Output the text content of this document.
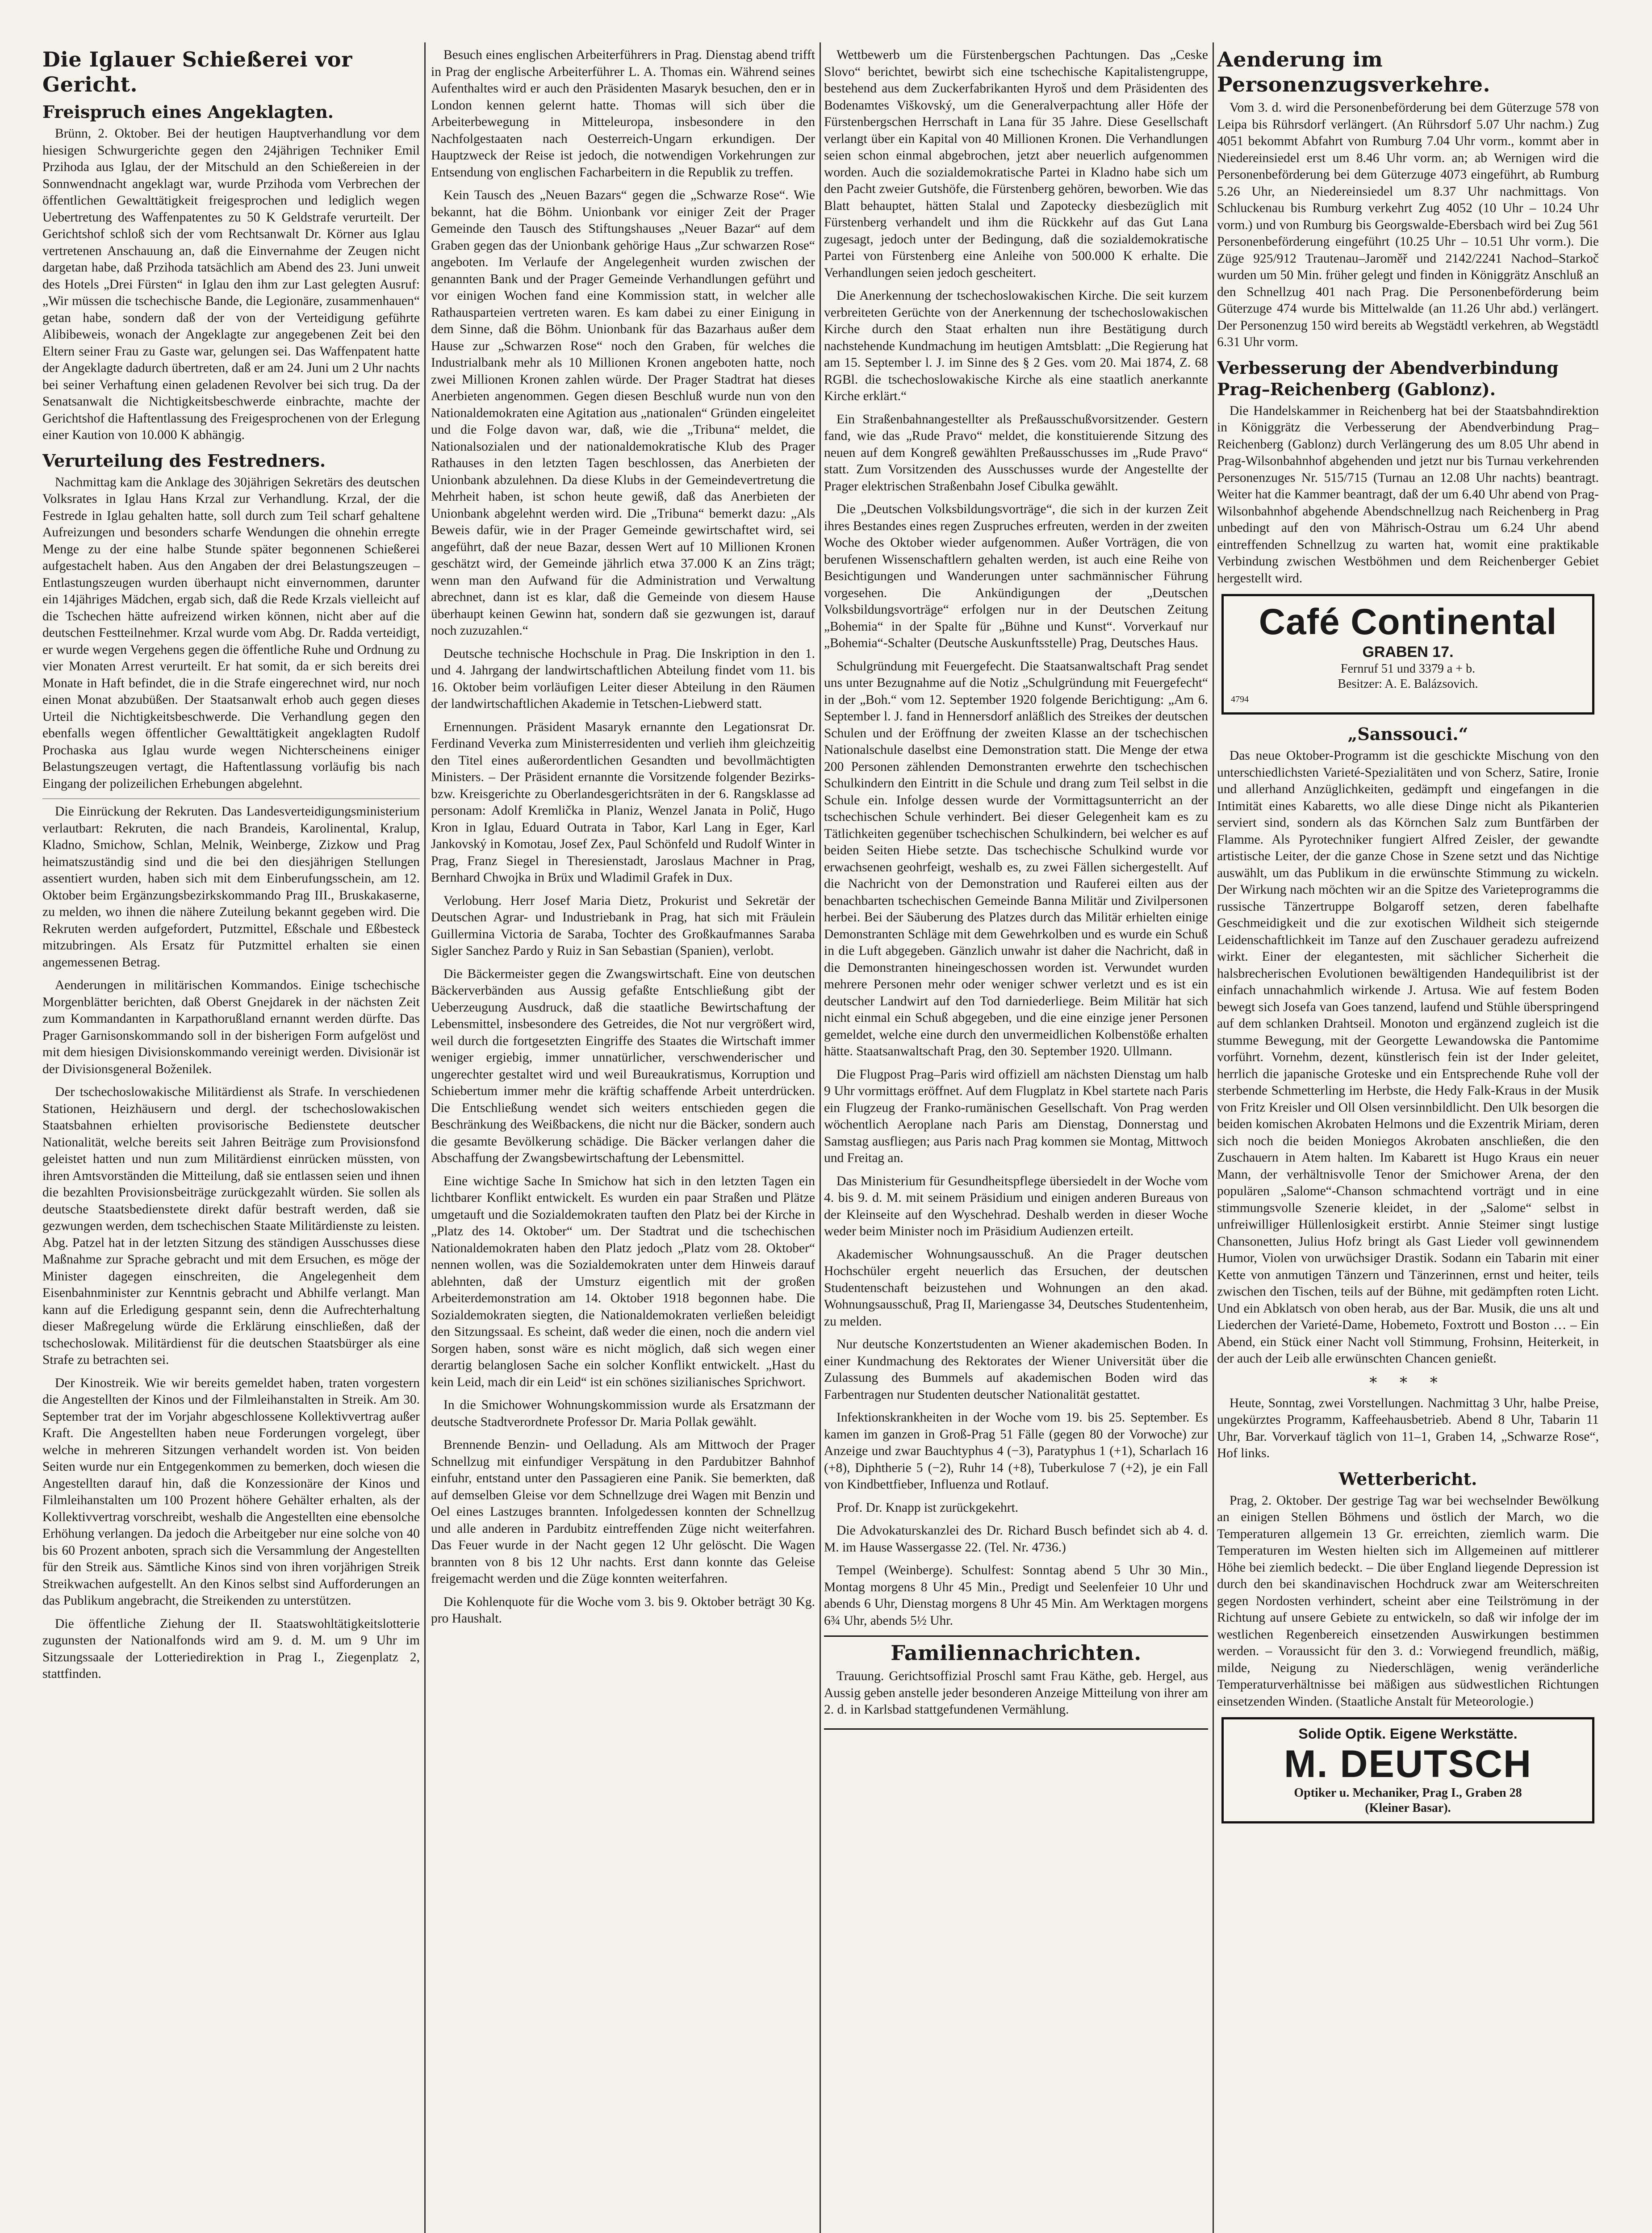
Die Iglauer Schießerei vor Gericht.
Freispruch eines Angeklagten.

Brünn, 2. Oktober. Bei der heutigen Hauptverhandlung vor dem hiesigen Schwurgerichte gegen den 24jährigen Techniker Emil Przihoda aus Iglau, der der Mitschuld an den Schießereien in der Sonnwendnacht angeklagt war, wurde Przihoda vom Verbrechen der öffentlichen Gewalttätigkeit freigesprochen und lediglich wegen Uebertretung des Waffenpatentes zu 50 K Geldstrafe verurteilt. Der Gerichtshof schloß sich der vom Rechtsanwalt Dr. Körner aus Iglau vertretenen Anschauung an, daß die Einvernahme der Zeugen nicht dargetan habe, daß Przihoda tatsächlich am Abend des 23. Juni unweit des Hotels „Drei Fürsten“ in Iglau den ihm zur Last gelegten Ausruf: „Wir müssen die tschechische Bande, die Legionäre, zusammenhauen“ getan habe, sondern daß der von der Verteidigung geführte Alibibeweis, wonach der Angeklagte zur angegebenen Zeit bei den Eltern seiner Frau zu Gaste war, gelungen sei. Das Waffenpatent hatte der Angeklagte dadurch übertreten, daß er am 24. Juni um 2 Uhr nachts bei seiner Verhaftung einen geladenen Revolver bei sich trug. Da der Senatsanwalt die Nichtigkeitsbeschwerde einbrachte, machte der Gerichtshof die Haftentlassung des Freigesprochenen von der Erlegung einer Kaution von 10.000 K abhängig.

Verurteilung des Festredners.

Nachmittag kam die Anklage des 30jährigen Sekretärs des deutschen Volksrates in Iglau Hans Krzal zur Verhandlung. Krzal, der die Festrede in Iglau gehalten hatte, soll durch zum Teil scharf gehaltene Aufreizungen und besonders scharfe Wendungen die ohnehin erregte Menge zu der eine halbe Stunde später begonnenen Schießerei aufgestachelt haben. Aus den Angaben der drei Belastungszeugen – Entlastungszeugen wurden überhaupt nicht einvernommen, darunter ein 14jähriges Mädchen, ergab sich, daß die Rede Krzals vielleicht auf die Tschechen hätte aufreizend wirken können, nicht aber auf die deutschen Festteilnehmer. Krzal wurde vom Abg. Dr. Radda verteidigt, er wurde wegen Vergehens gegen die öffentliche Ruhe und Ordnung zu vier Monaten Arrest verurteilt. Er hat somit, da er sich bereits drei Monate in Haft befindet, die in die Strafe eingerechnet wird, nur noch einen Monat abzubüßen. Der Staatsanwalt erhob auch gegen dieses Urteil die Nichtigkeitsbeschwerde. Die Verhandlung gegen den ebenfalls wegen öffentlicher Gewalttätigkeit angeklagten Rudolf Prochaska aus Iglau wurde wegen Nichterscheinens einiger Belastungszeugen vertagt, die Haftentlassung vorläufig bis nach Eingang der polizeilichen Erhebungen abgelehnt.

Die Einrückung der Rekruten. Das Landesverteidigungsministerium verlautbart: Rekruten, die nach Brandeis, Karolinental, Kralup, Kladno, Smichow, Schlan, Melnik, Weinberge, Zizkow und Prag heimatszuständig sind und die bei den diesjährigen Stellungen assentiert wurden, haben sich mit dem Einberufungsschein, am 12. Oktober beim Ergänzungsbezirkskommando Prag III., Bruskakaserne, zu melden, wo ihnen die nähere Zuteilung bekannt gegeben wird. Die Rekruten werden aufgefordert, Putzmittel, Eßschale und Eßbesteck mitzubringen. Als Ersatz für Putzmittel erhalten sie einen angemessenen Betrag.

Aenderungen in militärischen Kommandos. Einige tschechische Morgenblätter berichten, daß Oberst Gnejdarek in der nächsten Zeit zum Kommandanten in Karpathorußland ernannt werden dürfte. Das Prager Garnisonskommando soll in der bisherigen Form aufgelöst und mit dem hiesigen Divisionskommando vereinigt werden. Divisionär ist der Divisionsgeneral Boženilek.

Der tschechoslowakische Militärdienst als Strafe. In verschiedenen Stationen, Heizhäusern und dergl. der tschechoslowakischen Staatsbahnen erhielten provisorische Bedienstete deutscher Nationalität, welche bereits seit Jahren Beiträge zum Provisionsfond geleistet hatten und nun zum Militärdienst einrücken müssten, von ihren Amtsvorständen die Mitteilung, daß sie entlassen seien und ihnen die bezahlten Provisionsbeiträge zurückgezahlt würden. Sie sollen als deutsche Staatsbedienstete direkt dafür bestraft werden, daß sie gezwungen werden, dem tschechischen Staate Militärdienste zu leisten. Abg. Patzel hat in der letzten Sitzung des ständigen Ausschusses diese Maßnahme zur Sprache gebracht und mit dem Ersuchen, es möge der Minister dagegen einschreiten, die Angelegenheit dem Eisenbahnminister zur Kenntnis gebracht und Abhilfe verlangt. Man kann auf die Erledigung gespannt sein, denn die Aufrechterhaltung dieser Maßregelung würde die Erklärung einschließen, daß der tschechoslowak. Militärdienst für die deutschen Staatsbürger als eine Strafe zu betrachten sei.

Der Kinostreik. Wie wir bereits gemeldet haben, traten vorgestern die Angestellten der Kinos und der Filmleihanstalten in Streik. Am 30. September trat der im Vorjahr abgeschlossene Kollektivvertrag außer Kraft. Die Angestellten haben neue Forderungen vorgelegt, über welche in mehreren Sitzungen verhandelt worden ist. Von beiden Seiten wurde nur ein Entgegenkommen zu bemerken, doch wiesen die Angestellten darauf hin, daß die Konzessionäre der Kinos und Filmleihanstalten um 100 Prozent höhere Gehälter erhalten, als der Kollektivvertrag vorschreibt, weshalb die Angestellten eine ebensolche Erhöhung verlangen. Da jedoch die Arbeitgeber nur eine solche von 40 bis 60 Prozent anboten, sprach sich die Versammlung der Angestellten für den Streik aus. Sämtliche Kinos sind von ihren vorjährigen Streik Streikwachen aufgestellt. An den Kinos selbst sind Aufforderungen an das Publikum angebracht, die Streikenden zu unterstützen.

Die öffentliche Ziehung der II. Staatswohltätigkeitslotterie zugunsten der Nationalfonds wird am 9. d. M. um 9 Uhr im Sitzungssaale der Lotteriedirektion in Prag I., Ziegenplatz 2, stattfinden.

Besuch eines englischen Arbeiterführers in Prag. Dienstag abend trifft in Prag der englische Arbeiterführer L. A. Thomas ein. Während seines Aufenthaltes wird er auch den Präsidenten Masaryk besuchen, den er in London kennen gelernt hatte. Thomas will sich über die Arbeiterbewegung in Mitteleuropa, insbesondere in den Nachfolgestaaten nach Oesterreich-Ungarn erkundigen. Der Hauptzweck der Reise ist jedoch, die notwendigen Vorkehrungen zur Entsendung von englischen Facharbeitern in die Republik zu treffen.

Kein Tausch des „Neuen Bazars“ gegen die „Schwarze Rose“. Wie bekannt, hat die Böhm. Unionbank vor einiger Zeit der Prager Gemeinde den Tausch des Stiftungshauses „Neuer Bazar“ auf dem Graben gegen das der Unionbank gehörige Haus „Zur schwarzen Rose“ angeboten. Im Verlaufe der Angelegenheit wurden zwischen der genannten Bank und der Prager Gemeinde Verhandlungen geführt und vor einigen Wochen fand eine Kommission statt, in welcher alle Rathausparteien vertreten waren. Es kam dabei zu einer Einigung in dem Sinne, daß die Böhm. Unionbank für das Bazarhaus außer dem Hause zur „Schwarzen Rose“ noch den Graben, für welches die Industrialbank mehr als 10 Millionen Kronen angeboten hatte, noch zwei Millionen Kronen zahlen würde. Der Prager Stadtrat hat dieses Anerbieten angenommen. Gegen diesen Beschluß wurde nun von den Nationaldemokraten eine Agitation aus „nationalen“ Gründen eingeleitet und die Folge davon war, daß, wie die „Tribuna“ meldet, die Nationalsozialen und der nationaldemokratische Klub des Prager Rathauses in den letzten Tagen beschlossen, das Anerbieten der Unionbank abzulehnen. Da diese Klubs in der Gemeindevertretung die Mehrheit haben, ist schon heute gewiß, daß das Anerbieten der Unionbank abgelehnt werden wird. Die „Tribuna“ bemerkt dazu: „Als Beweis dafür, wie in der Prager Gemeinde gewirtschaftet wird, sei angeführt, daß der neue Bazar, dessen Wert auf 10 Millionen Kronen geschätzt wird, der Gemeinde jährlich etwa 37.000 K an Zins trägt; wenn man den Aufwand für die Administration und Verwaltung abrechnet, dann ist es klar, daß die Gemeinde von diesem Hause überhaupt keinen Gewinn hat, sondern daß sie gezwungen ist, darauf noch zuzuzahlen.“

Deutsche technische Hochschule in Prag. Die Inskription in den 1. und 4. Jahrgang der landwirtschaftlichen Abteilung findet vom 11. bis 16. Oktober beim vorläufigen Leiter dieser Abteilung in den Räumen der landwirtschaftlichen Akademie in Tetschen-Liebwerd statt.

Ernennungen. Präsident Masaryk ernannte den Legationsrat Dr. Ferdinand Veverka zum Ministerresidenten und verlieh ihm gleichzeitig den Titel eines außerordentlichen Gesandten und bevollmächtigten Ministers. – Der Präsident ernannte die Vorsitzende folgender Bezirks- bzw. Kreisgerichte zu Oberlandesgerichtsräten in der 6. Rangsklasse ad personam: Adolf Kremlička in Planiz, Wenzel Janata in Polič, Hugo Kron in Iglau, Eduard Outrata in Tabor, Karl Lang in Eger, Karl Jankovský in Komotau, Josef Zex, Paul Schönfeld und Rudolf Winter in Prag, Franz Siegel in Theresienstadt, Jaroslaus Machner in Prag, Bernhard Chwojka in Brüx und Wladimil Grafek in Dux.

Verlobung. Herr Josef Maria Dietz, Prokurist und Sekretär der Deutschen Agrar- und Industriebank in Prag, hat sich mit Fräulein Guillermina Victoria de Saraba, Tochter des Großkaufmannes Saraba Sigler Sanchez Pardo y Ruiz in San Sebastian (Spanien), verlobt.

Die Bäckermeister gegen die Zwangswirtschaft. Eine von deutschen Bäckerverbänden aus Aussig gefaßte Entschließung gibt der Ueberzeugung Ausdruck, daß die staatliche Bewirtschaftung der Lebensmittel, insbesondere des Getreides, die Not nur vergrößert wird, weil durch die fortgesetzten Eingriffe des Staates die Wirtschaft immer weniger ergiebig, immer unnatürlicher, verschwenderischer und ungerechter gestaltet wird und weil Bureaukratismus, Korruption und Schiebertum immer mehr die kräftig schaffende Arbeit unterdrücken. Die Entschließung wendet sich weiters entschieden gegen die Beschränkung des Weißbackens, die nicht nur die Bäcker, sondern auch die gesamte Bevölkerung schädige. Die Bäcker verlangen daher die Abschaffung der Zwangsbewirtschaftung der Lebensmittel.

Eine wichtige Sache In Smichow hat sich in den letzten Tagen ein lichtbarer Konflikt entwickelt. Es wurden ein paar Straßen und Plätze umgetauft und die Sozialdemokraten tauften den Platz bei der Kirche in „Platz des 14. Oktober“ um. Der Stadtrat und die tschechischen Nationaldemokraten haben den Platz jedoch „Platz vom 28. Oktober“ nennen wollen, was die Sozialdemokraten unter dem Hinweis darauf ablehnten, daß der Umsturz eigentlich mit der großen Arbeiterdemonstration am 14. Oktober 1918 begonnen habe. Die Sozialdemokraten siegten, die Nationaldemokraten verließen beleidigt den Sitzungssaal. Es scheint, daß weder die einen, noch die andern viel Sorgen haben, sonst wäre es nicht möglich, daß sich wegen einer derartig belanglosen Sache ein solcher Konflikt entwickelt. „Hast du kein Leid, mach dir ein Leid“ ist ein schönes sizilianisches Sprichwort.

In die Smichower Wohnungskommission wurde als Ersatzmann der deutsche Stadtverordnete Professor Dr. Maria Pollak gewählt.

Brennende Benzin- und Oelladung. Als am Mittwoch der Prager Schnellzug mit einfundiger Verspätung in den Pardubitzer Bahnhof einfuhr, entstand unter den Passagieren eine Panik. Sie bemerkten, daß auf demselben Gleise vor dem Schnellzuge drei Wagen mit Benzin und Oel eines Lastzuges brannten. Infolgedessen konnten der Schnellzug und alle anderen in Pardubitz eintreffenden Züge nicht weiterfahren. Das Feuer wurde in der Nacht gegen 12 Uhr gelöscht. Die Wagen brannten von 8 bis 12 Uhr nachts. Erst dann konnte das Geleise freigemacht werden und die Züge konnten weiterfahren.

Die Kohlenquote für die Woche vom 3. bis 9. Oktober beträgt 30 Kg. pro Haushalt.

Wettbewerb um die Fürstenbergschen Pachtungen. Das „Ceske Slovo“ berichtet, bewirbt sich eine tschechische Kapitalistengruppe, bestehend aus dem Zuckerfabrikanten Hyroš und dem Präsidenten des Bodenamtes Viškovský, um die Generalverpachtung aller Höfe der Fürstenbergschen Herrschaft in Lana für 35 Jahre. Diese Gesellschaft verlangt über ein Kapital von 40 Millionen Kronen. Die Verhandlungen seien schon einmal abgebrochen, jetzt aber neuerlich aufgenommen worden. Auch die sozialdemokratische Partei in Kladno habe sich um den Pacht zweier Gutshöfe, die Fürstenberg gehören, beworben. Wie das Blatt behauptet, hätten Stalal und Zapotecky diesbezüglich mit Fürstenberg verhandelt und ihm die Rückkehr auf das Gut Lana zugesagt, jedoch unter der Bedingung, daß die sozialdemokratische Partei von Fürstenberg eine Anleihe von 500.000 K erhalte. Die Verhandlungen seien jedoch gescheitert.

Die Anerkennung der tschechoslowakischen Kirche. Die seit kurzem verbreiteten Gerüchte von der Anerkennung der tschechoslowakischen Kirche durch den Staat erhalten nun ihre Bestätigung durch nachstehende Kundmachung im heutigen Amtsblatt: „Die Regierung hat am 15. September l. J. im Sinne des § 2 Ges. vom 20. Mai 1874, Z. 68 RGBl. die tschechoslowakische Kirche als eine staatlich anerkannte Kirche erklärt.“

Ein Straßenbahnangestellter als Preßausschußvorsitzender. Gestern fand, wie das „Rude Pravo“ meldet, die konstituierende Sitzung des neuen auf dem Kongreß gewählten Preßausschusses im „Rude Pravo“ statt. Zum Vorsitzenden des Ausschusses wurde der Angestellte der Prager elektrischen Straßenbahn Josef Cibulka gewählt.

Die „Deutschen Volksbildungsvorträge“, die sich in der kurzen Zeit ihres Bestandes eines regen Zuspruches erfreuten, werden in der zweiten Woche des Oktober wieder aufgenommen. Außer Vorträgen, die von berufenen Wissenschaftlern gehalten werden, ist auch eine Reihe von Besichtigungen und Wanderungen unter sachmännischer Führung vorgesehen. Die Ankündigungen der „Deutschen Volksbildungsvorträge“ erfolgen nur in der Deutschen Zeitung „Bohemia“ in der Spalte für „Bühne und Kunst“. Vorverkauf nur „Bohemia“-Schalter (Deutsche Auskunftsstelle) Prag, Deutsches Haus.

Schulgründung mit Feuergefecht. Die Staatsanwaltschaft Prag sendet uns unter Bezugnahme auf die Notiz „Schulgründung mit Feuergefecht“ in der „Boh.“ vom 12. September 1920 folgende Berichtigung: „Am 6. September l. J. fand in Hennersdorf anläßlich des Streikes der deutschen Schulen und der Eröffnung der zweiten Klasse an der tschechischen Nationalschule daselbst eine Demonstration statt. Die Menge der etwa 200 Personen zählenden Demonstranten erwehrte den tschechischen Schulkindern den Eintritt in die Schule und drang zum Teil selbst in die Schule ein. Infolge dessen wurde der Vormittagsunterricht an der tschechischen Schule verhindert. Bei dieser Gelegenheit kam es zu Tätlichkeiten gegenüber tschechischen Schulkindern, bei welcher es auf beiden Seiten Hiebe setzte. Das tschechische Schulkind wurde vor erwachsenen geohrfeigt, weshalb es, zu zwei Fällen sichergestellt. Auf die Nachricht von der Demonstration und Rauferei eilten aus der benachbarten tschechischen Gemeinde Banna Militär und Zivilpersonen herbei. Bei der Säuberung des Platzes durch das Militär erhielten einige Demonstranten Schläge mit dem Gewehrkolben und es wurde ein Schuß in die Luft abgegeben. Gänzlich unwahr ist daher die Nachricht, daß in die Demonstranten hineingeschossen worden ist. Verwundet wurden mehrere Personen mehr oder weniger schwer verletzt und es ist ein deutscher Landwirt auf den Tod darniederliege. Beim Militär hat sich nicht einmal ein Schuß abgegeben, und die eine einzige jener Personen gemeldet, welche eine durch den unvermeidlichen Kolbenstöße erhalten hätte. Staatsanwaltschaft Prag, den 30. September 1920. Ullmann.

Die Flugpost Prag–Paris wird offiziell am nächsten Dienstag um halb 9 Uhr vormittags eröffnet. Auf dem Flugplatz in Kbel startete nach Paris ein Flugzeug der Franko-rumänischen Gesellschaft. Von Prag werden wöchentlich Aeroplane nach Paris am Dienstag, Donnerstag und Samstag ausfliegen; aus Paris nach Prag kommen sie Montag, Mittwoch und Freitag an.

Das Ministerium für Gesundheitspflege übersiedelt in der Woche vom 4. bis 9. d. M. mit seinem Präsidium und einigen anderen Bureaus von der Kleinseite auf den Wyschehrad. Deshalb werden in dieser Woche weder beim Minister noch im Präsidium Audienzen erteilt.

Akademischer Wohnungsausschuß. An die Prager deutschen Hochschüler ergeht neuerlich das Ersuchen, der deutschen Studentenschaft beizustehen und Wohnungen an den akad. Wohnungsausschuß, Prag II, Mariengasse 34, Deutsches Studentenheim, zu melden.

Nur deutsche Konzertstudenten an Wiener akademischen Boden. In einer Kundmachung des Rektorates der Wiener Universität über die Zulassung des Bummels auf akademischen Boden wird das Farbentragen nur Studenten deutscher Nationalität gestattet.

Infektionskrankheiten in der Woche vom 19. bis 25. September. Es kamen im ganzen in Groß-Prag 51 Fälle (gegen 80 der Vorwoche) zur Anzeige und zwar Bauchtyphus 4 (−3), Paratyphus 1 (+1), Scharlach 16 (+8), Diphtherie 5 (−2), Ruhr 14 (+8), Tuberkulose 7 (+2), je ein Fall von Kindbettfieber, Influenza und Rotlauf.

Prof. Dr. Knapp ist zurückgekehrt.

Die Advokaturskanzlei des Dr. Richard Busch befindet sich ab 4. d. M. im Hause Wassergasse 22. (Tel. Nr. 4736.)

Tempel (Weinberge). Schulfest: Sonntag abend 5 Uhr 30 Min., Montag morgens 8 Uhr 45 Min., Predigt und Seelenfeier 10 Uhr und abends 6 Uhr, Dienstag morgens 8 Uhr 45 Min. Am Werktagen morgens 6¾ Uhr, abends 5½ Uhr.

Familiennachrichten.

Trauung. Gerichtsoffizial Proschl samt Frau Käthe, geb. Hergel, aus Aussig geben anstelle jeder besonderen Anzeige Mitteilung von ihrer am 2. d. in Karlsbad stattgefundenen Vermählung.

Aenderung im Personenzugsverkehre.

Vom 3. d. wird die Personenbeförderung bei dem Güterzuge 578 von Leipa bis Rührsdorf verlängert. (An Rührsdorf 5.07 Uhr nachm.) Zug 4051 bekommt Abfahrt von Rumburg 7.04 Uhr vorm., kommt aber in Niedereinsiedel erst um 8.46 Uhr vorm. an; ab Wernigen wird die Personenbeförderung bei dem Güterzuge 4073 eingeführt, ab Rumburg 5.26 Uhr, an Niedereinsiedel um 8.37 Uhr nachmittags. Von Schluckenau bis Rumburg verkehrt Zug 4052 (10 Uhr – 10.24 Uhr vorm.) und von Rumburg bis Georgswalde-Ebersbach wird bei Zug 561 Personenbeförderung eingeführt (10.25 Uhr – 10.51 Uhr vorm.). Die Züge 925/912 Trautenau–Jaroměř und 2142/2241 Nachod–Starkoč wurden um 50 Min. früher gelegt und finden in Königgrätz Anschluß an den Schnellzug 401 nach Prag. Die Personenbeförderung beim Güterzuge 474 wurde bis Mittelwalde (an 11.26 Uhr abd.) verlängert. Der Personenzug 150 wird bereits ab Wegstädtl verkehren, ab Wegstädtl 6.31 Uhr vorm.

Verbesserung der Abendverbindung Prag–Reichenberg (Gablonz).

Die Handelskammer in Reichenberg hat bei der Staatsbahndirektion in Königgrätz die Verbesserung der Abendverbindung Prag–Reichenberg (Gablonz) durch Verlängerung des um 8.05 Uhr abend in Prag-Wilsonbahnhof abgehenden und jetzt nur bis Turnau verkehrenden Personenzuges Nr. 515/715 (Turnau an 12.08 Uhr nachts) beantragt. Weiter hat die Kammer beantragt, daß der um 6.40 Uhr abend von Prag-Wilsonbahnhof abgehende Abendschnellzug nach Reichenberg in Prag unbedingt auf den von Mährisch-Ostrau um 6.24 Uhr abend eintreffenden Schnellzug zu warten hat, womit eine praktikable Verbindung zwischen Westböhmen und dem Reichenberger Gebiet hergestellt wird.

Café Continental
GRABEN 17.
Fernruf 51 und 3379 a + b.
Besitzer: A. E. Balázsovich.
4794
„Sanssouci.“

Das neue Oktober-Programm ist die geschickte Mischung von den unterschiedlichsten Varieté-Spezialitäten und von Scherz, Satire, Ironie und allerhand Anzüglichkeiten, gedämpft und eingefangen in die Intimität eines Kabaretts, wo alle diese Dinge nicht als Pikanterien serviert sind, sondern als das Körnchen Salz zum Buntfärben der Flamme. Als Pyrotechniker fungiert Alfred Zeisler, der gewandte artistische Leiter, der die ganze Chose in Szene setzt und das Nichtige auswählt, um das Publikum in die erwünschte Stimmung zu wickeln. Der Wirkung nach möchten wir an die Spitze des Varieteprogramms die russische Tänzertruppe Bolgaroff setzen, deren fabelhafte Geschmeidigkeit und die zur exotischen Wildheit sich steigernde Leidenschaftlichkeit im Tanze auf den Zuschauer geradezu aufreizend wirkt. Einer der elegantesten, mit sächlicher Sicherheit die halsbrecherischen Evolutionen bewältigenden Handequilibrist ist der einfach unnachahmlich wirkende J. Artusa. Wie auf festem Boden bewegt sich Josefa van Goes tanzend, laufend und Stühle überspringend auf dem schlanken Drahtseil. Monoton und ergänzend zugleich ist die stumme Bewegung, mit der Georgette Lewandowska die Pantomime vorführt. Vornehm, dezent, künstlerisch fein ist der Inder geleitet, herrlich die japanische Groteske und ein Entsprechende Ruhe voll der sterbende Schmetterling im Herbste, die Hedy Falk-Kraus in der Musik von Fritz Kreisler und Oll Olsen versinnbildlicht. Den Ulk besorgen die beiden komischen Akrobaten Helmons und die Exzentrik Miriam, deren sich noch die beiden Moniegos Akrobaten anschließen, die den Zuschauern in Atem halten. Im Kabarett ist Hugo Kraus ein neuer Mann, der verhältnisvolle Tenor der Smichower Arena, der den populären „Salome“-Chanson schmachtend vorträgt und in eine stimmungsvolle Szenerie kleidet, in der „Salome“ selbst in unfreiwilliger Hüllenlosigkeit erstirbt. Annie Steimer singt lustige Chansonetten, Julius Hofz bringt als Gast Lieder voll gewinnendem Humor, Violen von urwüchsiger Drastik. Sodann ein Tabarin mit einer Kette von anmutigen Tänzern und Tänzerinnen, ernst und heiter, teils zwischen den Tischen, teils auf der Bühne, mit gedämpften roten Licht. Und ein Abklatsch von oben herab, aus der Bar. Musik, die uns alt und Liederchen der Varieté-Dame, Hobemeto, Foxtrott und Boston … – Ein Abend, ein Stück einer Nacht voll Stimmung, Frohsinn, Heiterkeit, in der auch der Leib alle erwünschten Chancen genießt.

* * *

Heute, Sonntag, zwei Vorstellungen. Nachmittag 3 Uhr, halbe Preise, ungekürztes Programm, Kaffeehausbetrieb. Abend 8 Uhr, Tabarin 11 Uhr, Bar. Vorverkauf täglich von 11–1, Graben 14, „Schwarze Rose“, Hof links.

Wetterbericht.

Prag, 2. Oktober. Der gestrige Tag war bei wechselnder Bewölkung an einigen Stellen Böhmens und östlich der March, wo die Temperaturen allgemein 13 Gr. erreichten, ziemlich warm. Die Temperaturen im Westen hielten sich im Allgemeinen auf mittlerer Höhe bei ziemlich bedeckt. – Die über England liegende Depression ist durch den bei skandinavischen Hochdruck zwar am Weiterschreiten gegen Nordosten verhindert, scheint aber eine Teilströmung in der Richtung auf unsere Gebiete zu entwickeln, so daß wir infolge der im westlichen Regenbereich einsetzenden Auswirkungen bestimmen werden. – Voraussicht für den 3. d.: Vorwiegend freundlich, mäßig, milde, Neigung zu Niederschlägen, wenig veränderliche Temperaturverhältnisse bei mäßigen aus südwestlichen Richtungen einsetzenden Winden. (Staatliche Anstalt für Meteorologie.)

Solide Optik. Eigene Werkstätte.
M. DEUTSCH
Optiker u. Mechaniker, Prag I., Graben 28
(Kleiner Basar).
